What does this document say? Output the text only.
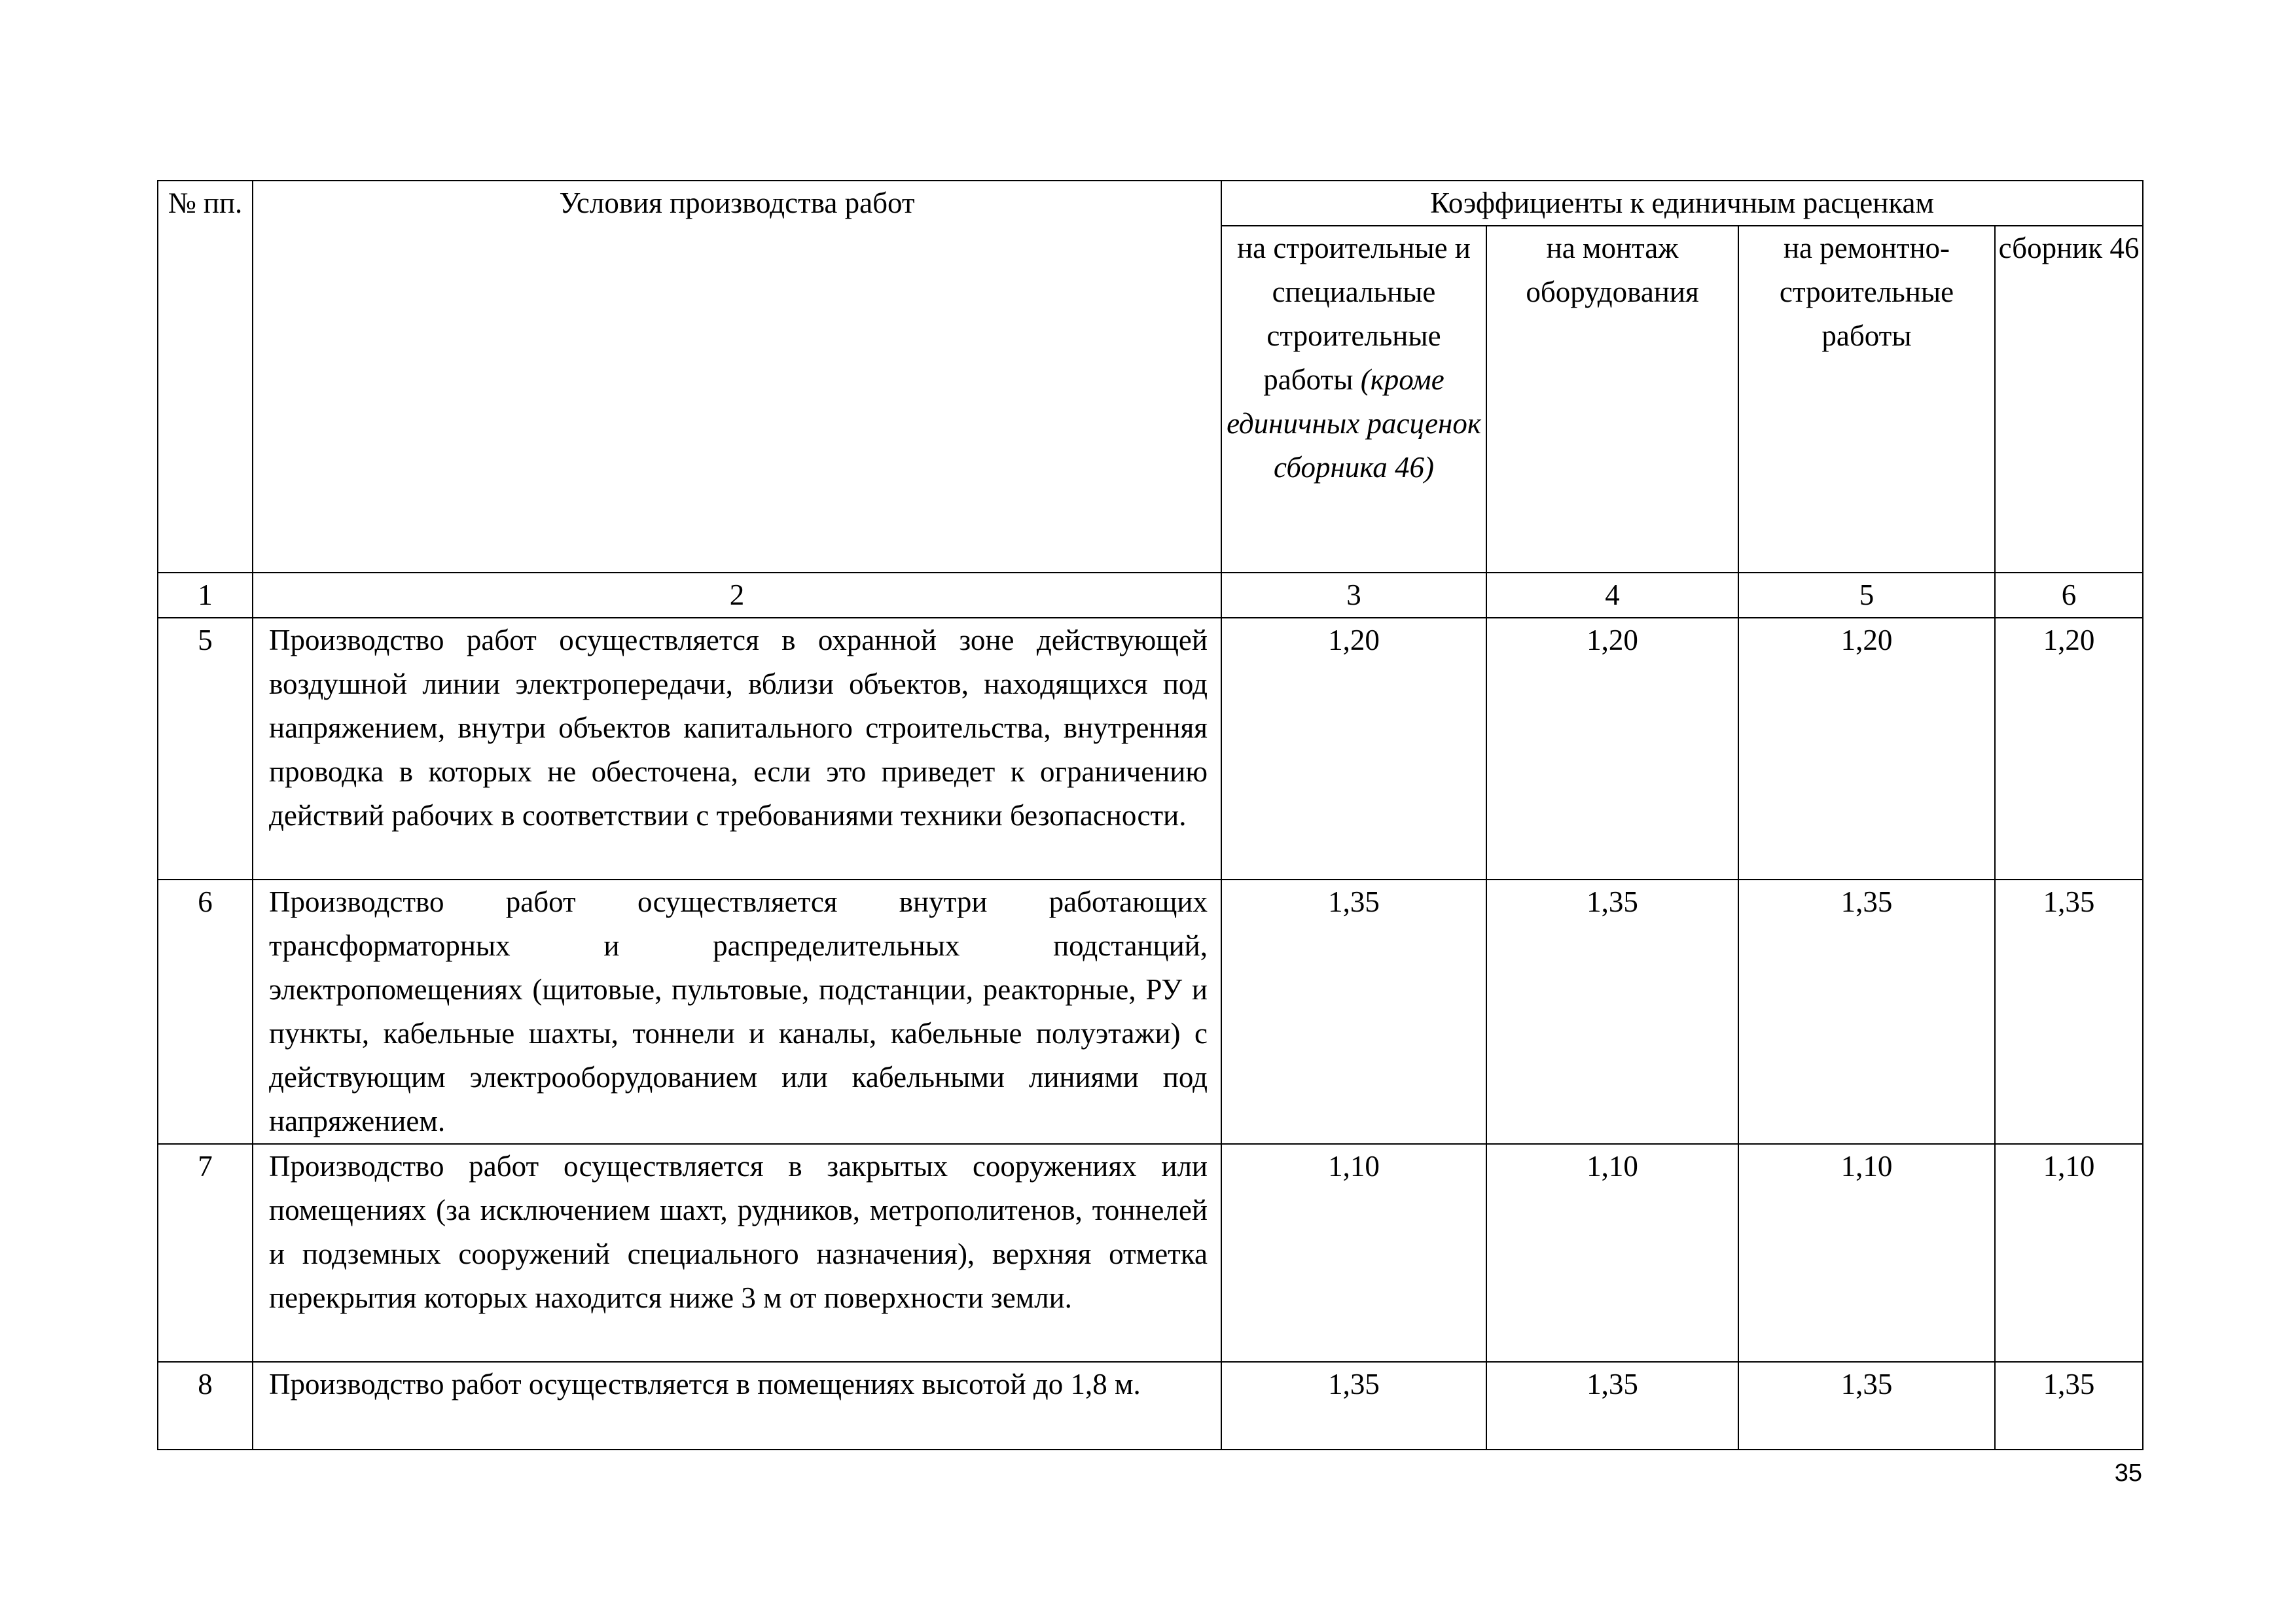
№ пп.	Условия производства работ	Коэффициенты к единичным расценкам			
		на строительные и специальные строительные работы (кроме единичных расценок сборника 46)	на монтаж оборудования	на ремонтно-строительные работы	сборник 46
1	2	3	4	5	6
5	Производство работ осуществляется в охранной зоне действующей воздушной линии электропередачи, вблизи объектов, находящихся под напряжением, внутри объектов капитального строительства, внутренняя проводка в которых не обесточена, если это приведет к ограничению действий рабочих в соответствии с требованиями техники безопасности.	1,20	1,20	1,20	1,20
6	Производство работ осуществляется внутри работающих трансформаторных и распределительных подстанций, электропомещениях (щитовые, пультовые, подстанции, реакторные, РУ и пункты, кабельные шахты, тоннели и каналы, кабельные полуэтажи) с действующим электрооборудованием или кабельными линиями под напряжением.	1,35	1,35	1,35	1,35
7	Производство работ осуществляется в закрытых сооружениях или помещениях (за исключением шахт, рудников, метрополитенов, тоннелей и подземных сооружений специального назначения), верхняя отметка перекрытия которых находится ниже 3 м от поверхности земли.	1,10	1,10	1,10	1,10
8	Производство работ осуществляется в помещениях высотой до 1,8 м.	1,35	1,35	1,35	1,35
35
